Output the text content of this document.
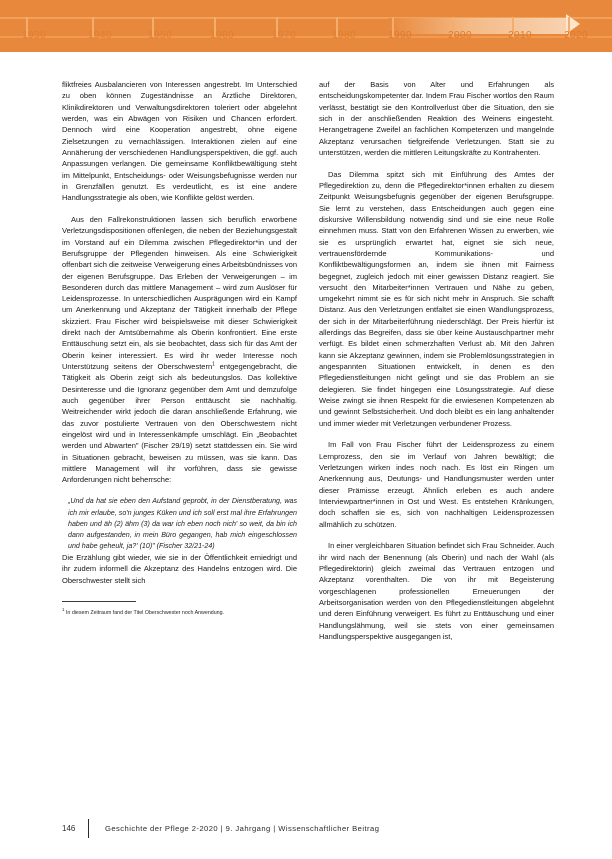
1930	1940	1950	1960	1970	1980	1990	2000	2010	2020

fliktfreies Ausbalancieren von Interessen angestrebt. Im Unterschied zu oben können Zugeständnisse an Ärztliche Direktoren, Klinikdirektoren und Verwaltungsdirektoren toleriert oder abgelehnt werden, was ein Abwägen von Risiken und Chancen erfordert. Dennoch wird eine Kooperation angestrebt, ohne eigene Zielsetzungen zu vernachlässigen. Interaktionen zielen auf eine Annäherung der verschiedenen Handlungsperspektiven, die ggf. auch Anpassungen verlangen. Die gemeinsame Konfliktbewältigung steht im Mittelpunkt, Entscheidungs- oder Weisungsbefugnisse werden nur in Grenzfällen genutzt. Es verdeutlicht, es ist eine andere Handlungsstrategie als oben, wie Konflikte gelöst werden.

Aus den Fallrekonstruktionen lassen sich beruflich erworbene Verletzungsdispositionen offenlegen, die neben der Beziehungsgestalt im Vorstand auf ein Dilemma zwischen Pflegedirektor*in und der Berufsgruppe der Pflegenden hinweisen. Als eine Schwierigkeit offenbart sich die zeitweise Verweigerung eines Arbeitsbündnisses von der eigenen Berufsgruppe. Das Erleben der Verweigerungen – im Besonderen durch das mittlere Management – wird zum Auslöser für Leidensprozesse. In unterschiedlichen Ausprägungen wird ein Kampf um Anerkennung und Akzeptanz der Tätigkeit innerhalb der Pflege skizziert. Frau Fischer wird beispielsweise mit dieser Schwierigkeit direkt nach der Amtsübernahme als Oberin konfrontiert. Eine erste Enttäuschung setzt ein, als sie beobachtet, dass sich für das Amt der Oberin keiner interessiert. Es wird ihr weder Interesse noch Unterstützung seitens der Oberschwestern$^1$ entgegengebracht, die Tätigkeit als Oberin zeigt sich als bedeutungslos. Das kollektive Desinteresse und die Ignoranz gegenüber dem Amt und demzufolge auch gegenüber ihrer Person enttäuscht sie nachhaltig. Weitreichender wirkt jedoch die daran anschließende Erfahrung, wie das zuvor postulierte Vertrauen von den Oberschwestern nicht eingelöst wird und in Interessenkämpfe umschlägt. Ein „Beobachtet werden und Abwarten" (Fischer 29/19) setzt stattdessen ein. Sie wird in Situationen gebracht, beweisen zu müssen, was sie kann. Das mittlere Management will ihr vorführen, dass sie gewisse Anforderungen nicht beherrsche:

„Und da hat sie eben den Aufstand geprobt, in der Dienstberatung, was ich mir erlaube, so'n junges Küken und ich soll erst mal ihre Erfahrungen haben und äh (2) ähm (3) da war ich eben noch nich' so weit, da bin ich dann aufgestanden, in mein Büro gegangen, hab mich eingeschlossen und habe geheult, ja?' (10)" (Fischer 32/21-24)

Die Erzählung gibt wieder, wie sie in der Öffentlichkeit erniedrigt und ihr zudem informell die Akzeptanz des Handelns entzogen wird. Die Oberschwester stellt sich

$^1$ In diesem Zeitraum fand der Titel Oberschwester noch Anwendung.

auf der Basis von Alter und Erfahrungen als entscheidungskompetenter dar. Indem Frau Fischer wortlos den Raum verlässt, bestätigt sie den Kontrollverlust über die Situation, den sie sich in der anschließenden Reaktion des Weinens eingesteht. Herangetragene Zweifel an fachlichen Kompetenzen und mangelnde Akzeptanz verursachen tiefgreifende Verletzungen. Statt sie zu unterstützen, werden die mittleren Leitungskräfte zu Kontrahenten.

Das Dilemma spitzt sich mit Einführung des Amtes der Pflegedirektion zu, denn die Pflegedirektor*innen erhalten zu diesem Zeitpunkt Weisungsbefugnis gegenüber der eigenen Berufsgruppe. Sie lernt zu verstehen, dass Entscheidungen auch gegen eine diskursive Willensbildung notwendig sind und sie eine neue Rolle einnehmen muss. Statt von den Erfahrenen Wissen zu erwerben, wie sie es ursprünglich erwartet hat, eignet sie sich neue, vertrauensfördernde Kommunikations- und Konfliktbewältigungsformen an, indem sie ihnen mit Fairness begegnet, zugleich jedoch mit einer gewissen Distanz reagiert. Sie versucht den Mitarbeiter*innen Vertrauen und Nähe zu geben, umgekehrt nimmt sie es für sich nicht mehr in Anspruch. Sie schafft Distanz. Aus den Verletzungen entfaltet sie einen Wandlungsprozess, der sich in der Mitarbeiterführung niederschlägt. Der Preis hierfür ist allerdings das Begreifen, dass sie über keine Austauschpartner mehr verfügt. Es bildet einen schmerzhaften Verlust ab. Mit den Jahren kann sie Akzeptanz gewinnen, indem sie Problemlösungsstrategien in angespannten Situationen entwickelt, in denen es den Pflegedienstleitungen nicht gelingt und sie das Problem an sie delegieren. Sie findet hingegen eine Lösungsstrategie. Auf diese Weise zwingt sie ihnen Respekt für die erwiesenen Kompetenzen ab und gewinnt Selbstsicherheit. Und doch bleibt es ein lang anhaltender und immer wieder mit Verletzungen verbundener Prozess.

Im Fall von Frau Fischer führt der Leidensprozess zu einem Lernprozess, den sie im Verlauf von Jahren bewältigt; die Verletzungen wirken indes noch nach. Es löst ein Ringen um Anerkennung aus, Deutungs- und Handlungsmuster werden unter dieser Prämisse erzeugt. Ähnlich erleben es auch andere Interviewpartner*innen in Ost und West. Es entstehen Kränkungen, doch schaffen sie es, sich von nachhaltigen Leidensprozessen allmählich zu schützen.

In einer vergleichbaren Situation befindet sich Frau Schneider. Auch ihr wird nach der Benennung (als Oberin) und nach der Wahl (als Pflegedirektorin) gleich zweimal das Vertrauen entzogen und Akzeptanz vorenthalten. Die von ihr mit Begeisterung vorgeschlagenen professionellen Erneuerungen der Arbeitsorganisation werden von den Pflegedienstleitungen abgelehnt und deren Einführung verweigert. Es führt zu Enttäuschung und einer Handlungslähmung, weil sie stets von einer gemeinsamen Handlungsperspektive ausgegangen ist,

146	Geschichte der Pflege 2-2020 | 9. Jahrgang | Wissenschaftlicher Beitrag
